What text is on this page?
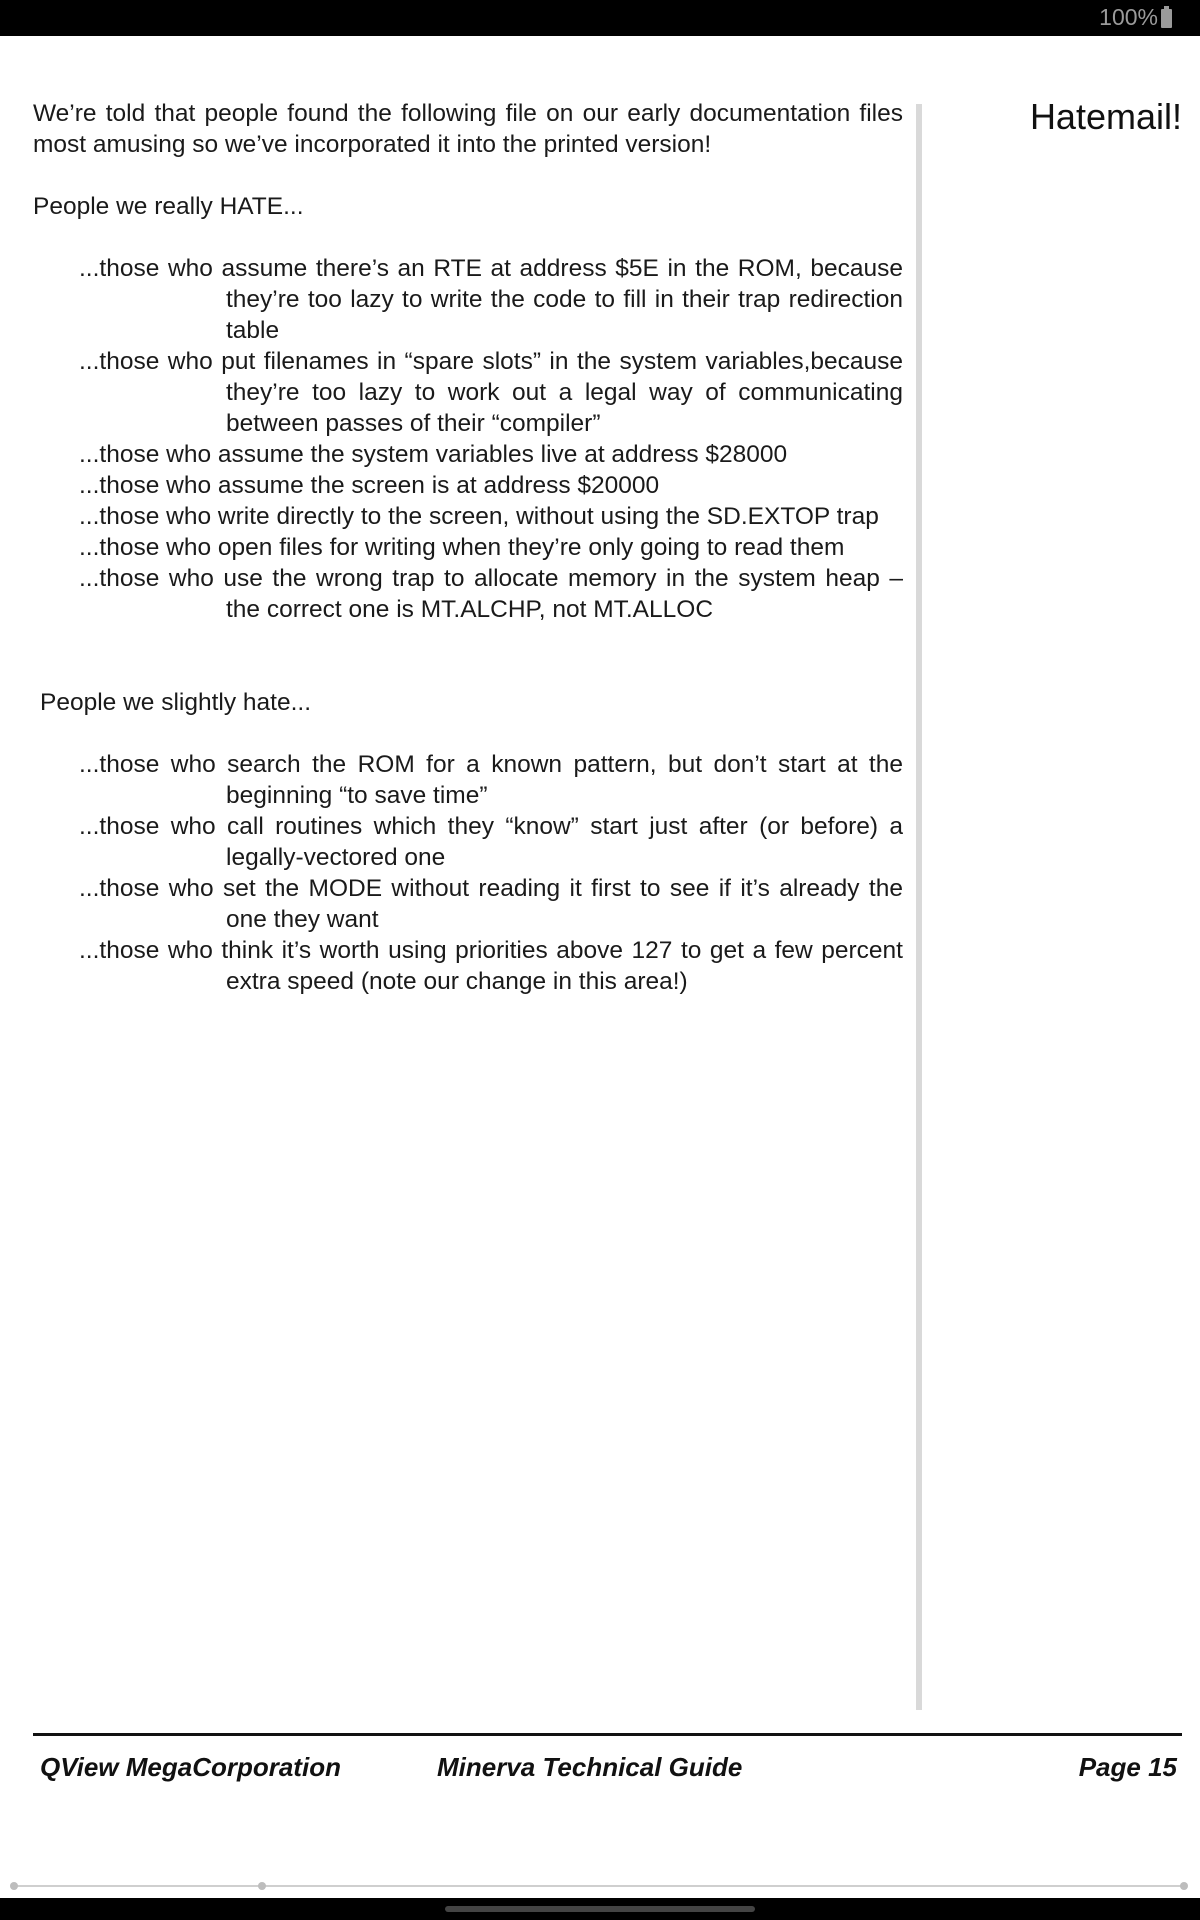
100%

We’re told that people found the following file on our early documentation files most amusing so we’ve incorporated it into the printed version!

People we really HATE...

...those who assume there’s an RTE at address $5E in the ROM, because they’re too lazy to write the code to fill in their trap redirection table
...those who put filenames in “spare slots” in the system variables,because they’re too lazy to work out a legal way of communicating between passes of their “compiler”
...those who assume the system variables live at address $28000
...those who assume the screen is at address $20000
...those who write directly to the screen, without using the SD.EXTOP trap
...those who open files for writing when they’re only going to read them
...those who use the wrong trap to allocate memory in the system heap – the correct one is MT.ALCHP, not MT.ALLOC

People we slightly hate...

...those who search the ROM for a known pattern, but don’t start at the beginning “to save time”
...those who call routines which they “know” start just after (or before) a legally-vectored one
...those who set the MODE without reading it first to see if it’s already the one they want
...those who think it’s worth using priorities above 127 to get a few percent extra speed (note our change in this area!)
Hatemail!
QView MegaCorporation	Minerva Technical Guide	Page 15
